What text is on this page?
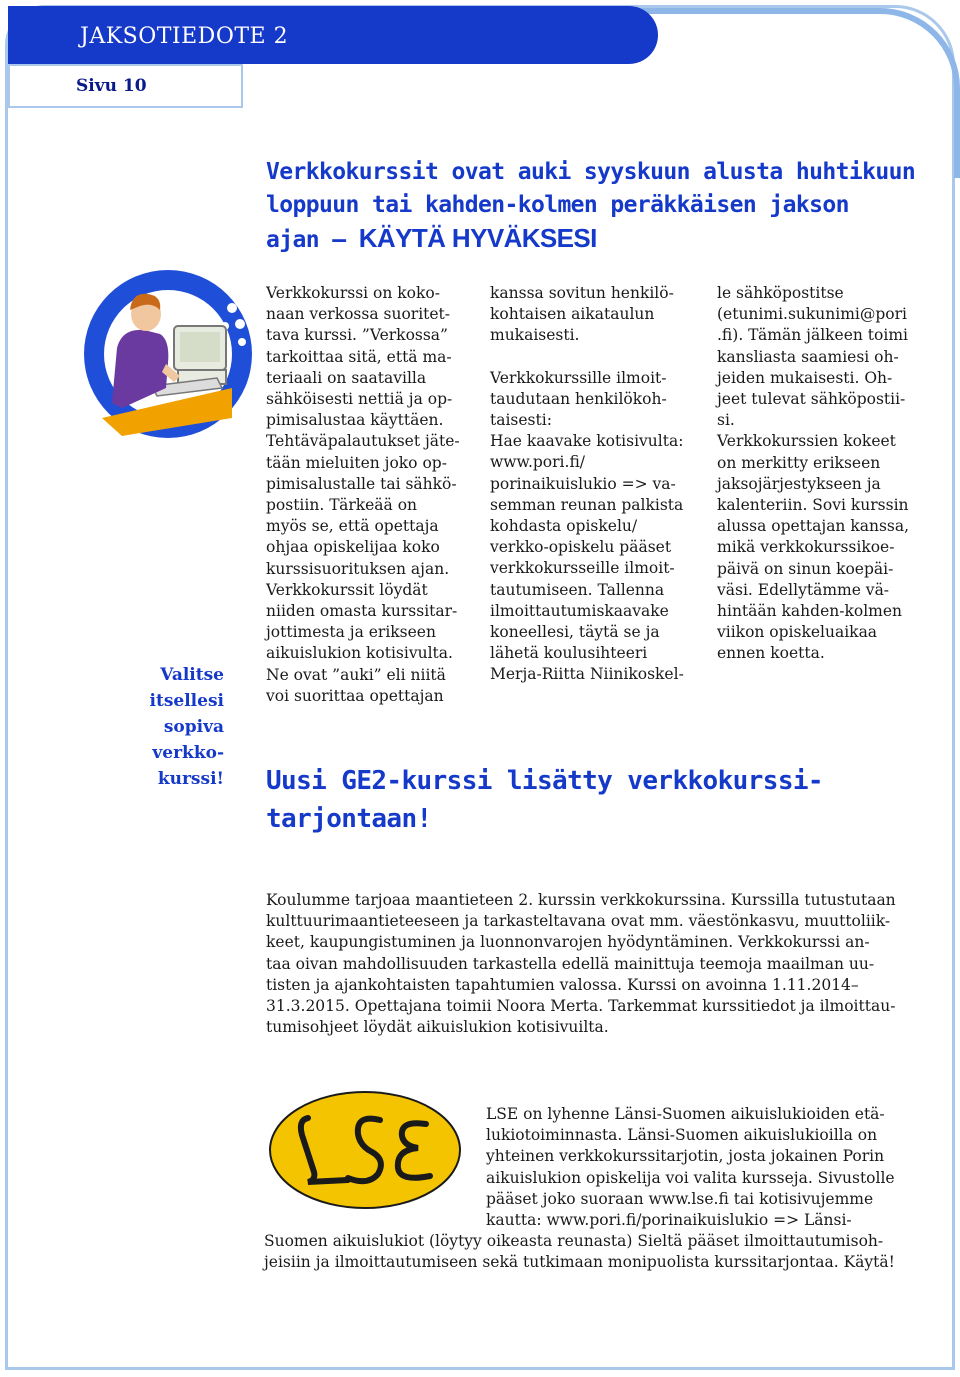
JAKSOTIEDOTE 2
Sivu 10
Verkkokurssit ovat auki syyskuun alusta huhtikuun
loppuun tai kahden-kolmen peräkkäisen jakson
ajan — KÄYTÄ HYVÄKSESI
Valitse
itsellesi
sopiva
verkko-
kurssi!

Verkkokurssi on koko-

naan verkossa suoritet-

tava kurssi. ”Verkossa”

tarkoittaa sitä, että ma-

teriaali on saatavilla

sähköisesti nettiä ja op-

pimisalustaa käyttäen.

Tehtäväpalautukset jäte-

tään mieluiten joko op-

pimisalustalle tai sähkö-

postiin. Tärkeää on

myös se, että opettaja

ohjaa opiskelijaa koko

kurssisuorituksen ajan.

Verkkokurssit löydät

niiden omasta kurssitar-

jottimesta ja erikseen

aikuislukion kotisivulta.

Ne ovat ”auki” eli niitä

voi suorittaa opettajan

kanssa sovitun henkilö-

kohtaisen aikataulun

mukaisesti.

Verkkokurssille ilmoit-

taudutaan henkilökoh-

taisesti:

Hae kaavake kotisivulta:

www.pori.fi/

porinaikuislukio => va-

semman reunan palkista

kohdasta opiskelu/

verkko-opiskelu pääset

verkkokursseille ilmoit-

tautumiseen. Tallenna

ilmoittautumiskaavake

koneellesi, täytä se ja

lähetä koulusihteeri

Merja-Riitta Niinikoskel-

le sähköpostitse

(etunimi.sukunimi@pori

.fi). Tämän jälkeen toimi

kansliasta saamiesi oh-

jeiden mukaisesti. Oh-

jeet tulevat sähköpostii-

si.

Verkkokurssien kokeet

on merkitty erikseen

jaksojärjestykseen ja

kalenteriin. Sovi kurssin

alussa opettajan kanssa,

mikä verkkokurssikoe-

päivä on sinun koepäi-

väsi. Edellytämme vä-

hintään kahden-kolmen

viikon opiskeluaikaa

ennen koetta.

Uusi GE2-kurssi lisätty verkkokurssi-
tarjontaan!
Koulumme tarjoaa maantieteen 2. kurssin verkkokurssina. Kurssilla tutustutaan
kulttuurimaantieteeseen ja tarkasteltavana ovat mm. väestönkasvu, muuttoliik-
keet, kaupungistuminen ja luonnonvarojen hyödyntäminen. Verkkokurssi an-
taa oivan mahdollisuuden tarkastella edellä mainittuja teemoja maailman uu-
tisten ja ajankohtaisten tapahtumien valossa. Kurssi on avoinna 1.11.2014–
31.3.2015. Opettajana toimii Noora Merta. Tarkemmat kurssitiedot ja ilmoittau-
tumisohjeet löydät aikuislukion kotisivuilta.
LSE on lyhenne Länsi-Suomen aikuislukioiden etä-
lukiotoiminnasta. Länsi-Suomen aikuislukioilla on
yhteinen verkkokurssitarjotin, josta jokainen Porin
aikuislukion opiskelija voi valita kursseja. Sivustolle
pääset joko suoraan www.lse.fi tai kotisivujemme
kautta: www.pori.fi/porinaikuislukio => Länsi-
Suomen aikuislukiot (löytyy oikeasta reunasta) Sieltä pääset ilmoittautumisoh-
jeisiin ja ilmoittautumiseen sekä tutkimaan monipuolista kurssitarjontaa. Käytä!
